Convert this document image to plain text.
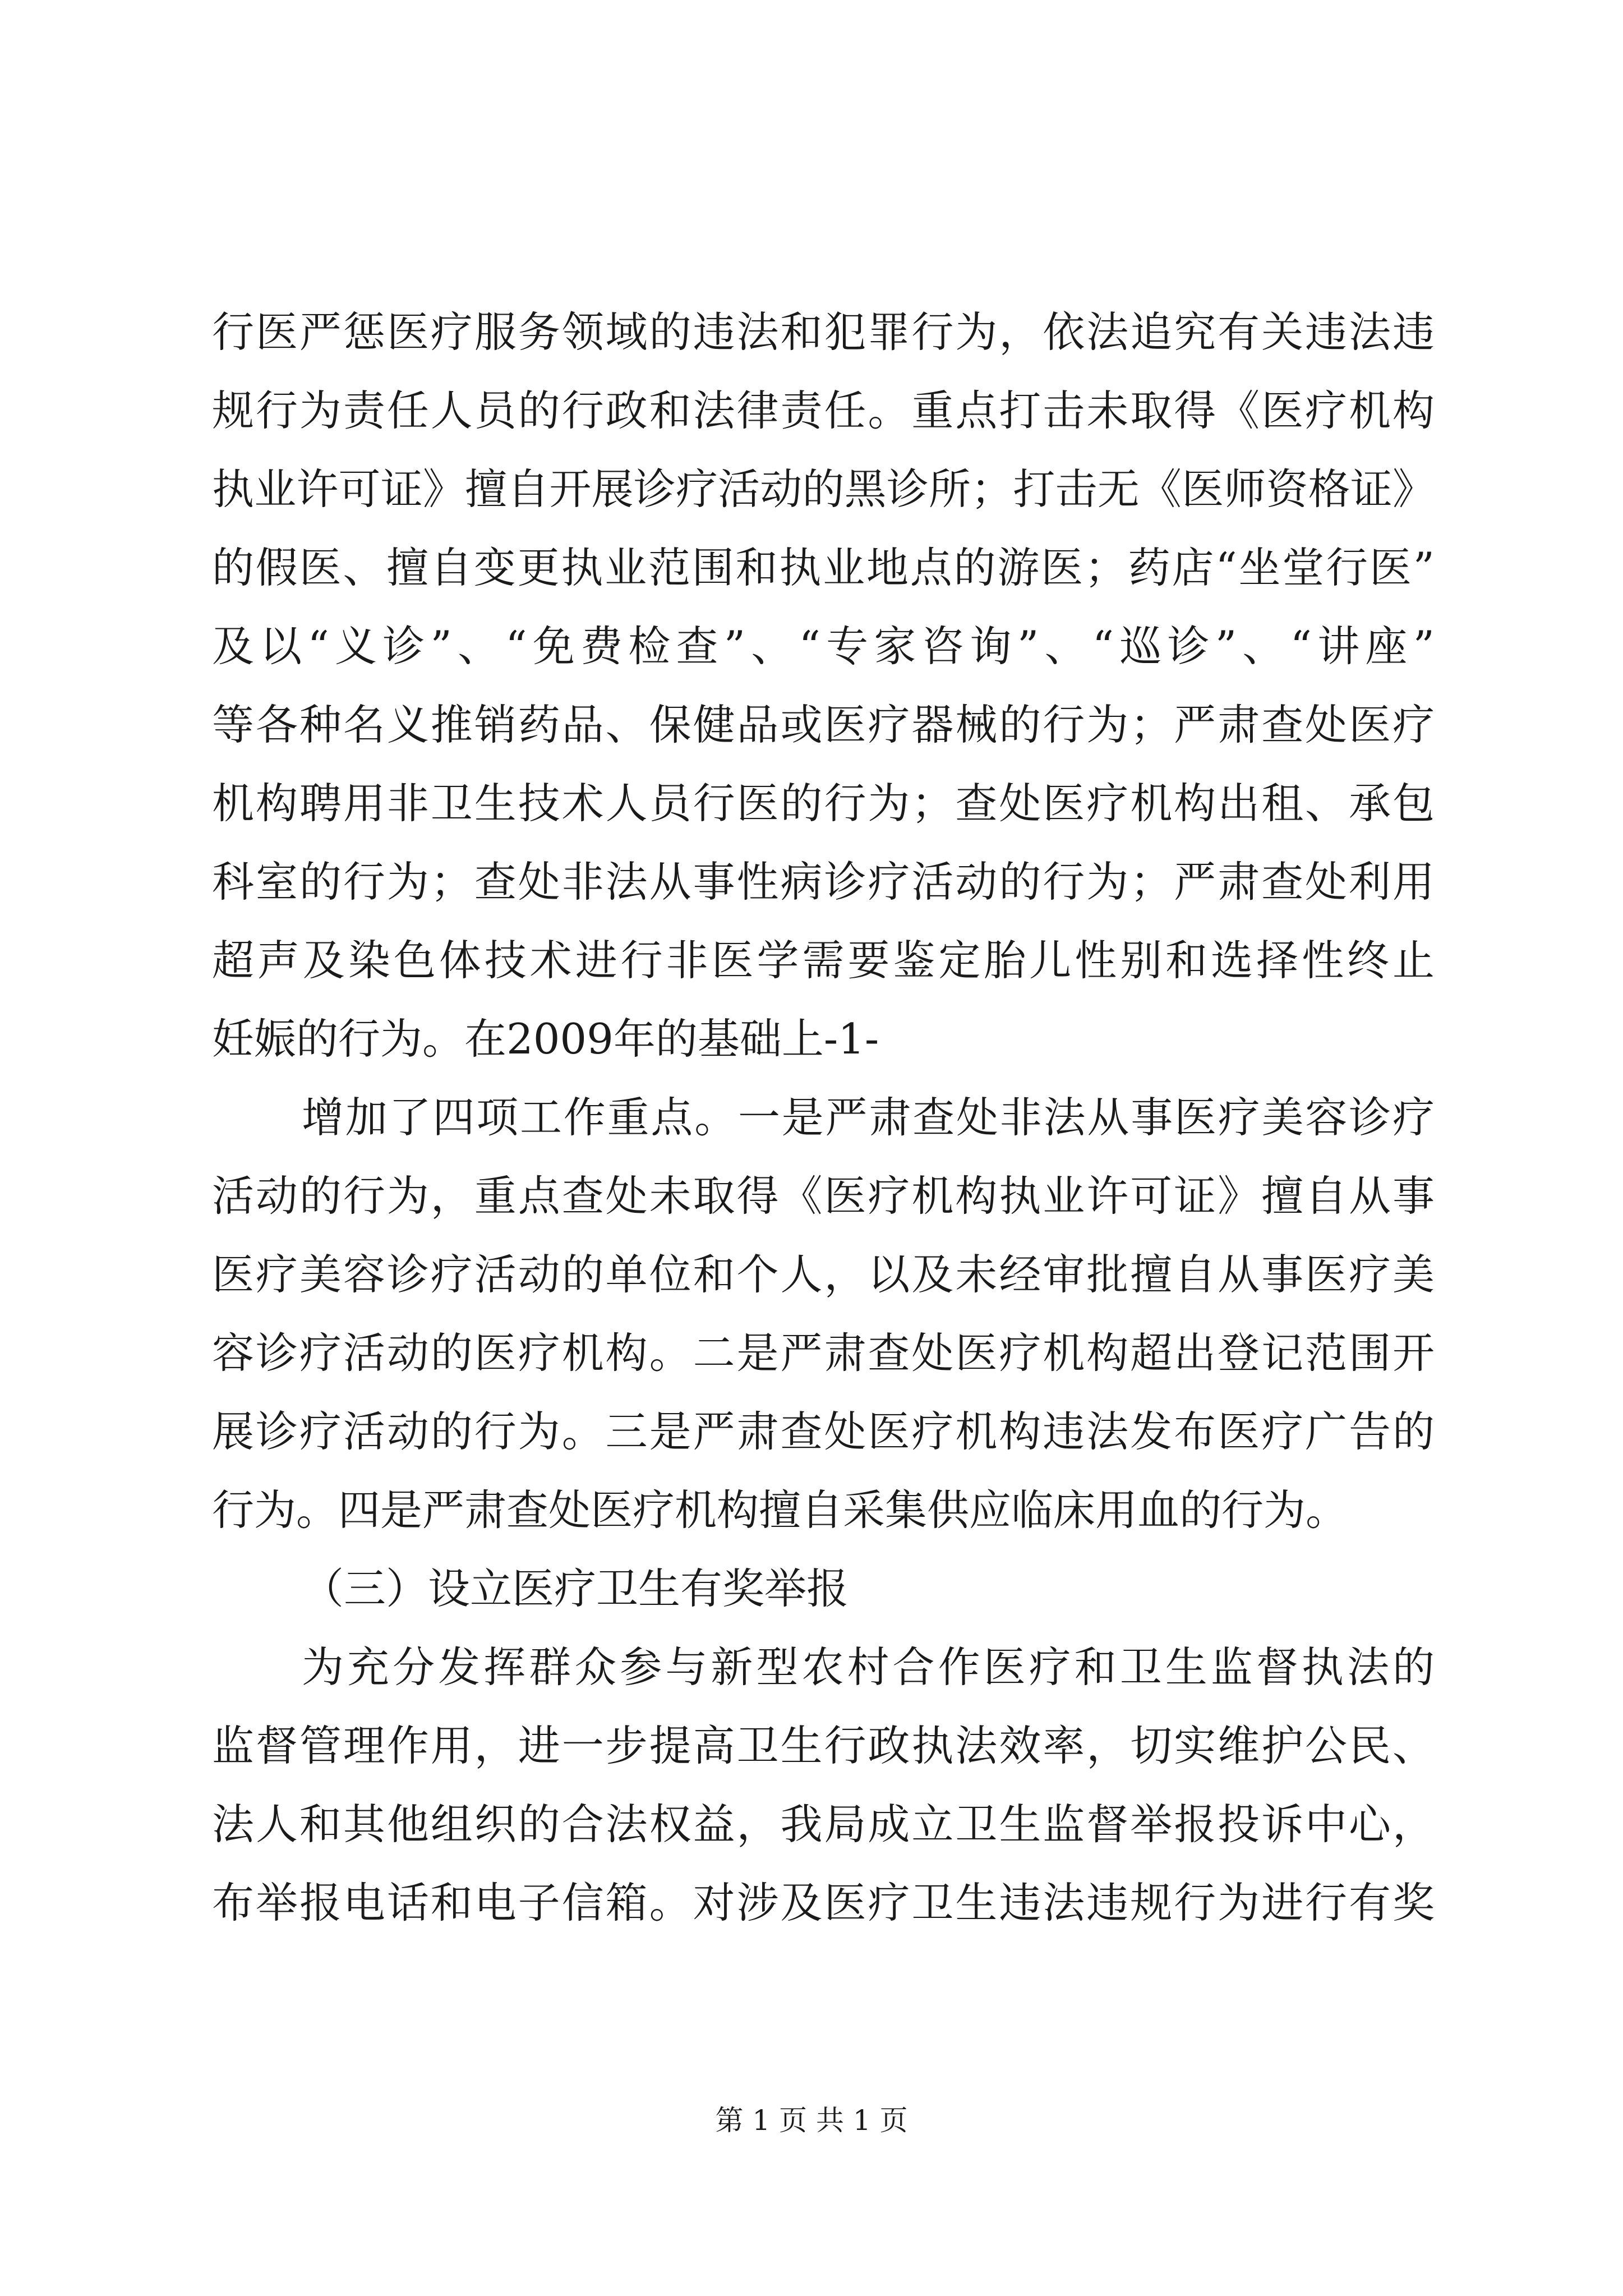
行医严惩医疗服务领域的违法和犯罪行为，依法追究有关违法违
规行为责任人员的行政和法律责任。重点打击未取得《医疗机构
执业许可证》擅自开展诊疗活动的黑诊所；打击无《医师资格证》
的假医、擅自变更执业范围和执业地点的游医；药店“坐堂行医”
及以“义诊”、“免费检查”、“专家咨询”、“巡诊”、“讲座”
等各种名义推销药品、保健品或医疗器械的行为；严肃查处医疗
机构聘用非卫生技术人员行医的行为；查处医疗机构出租、承包
科室的行为；查处非法从事性病诊疗活动的行为；严肃查处利用
超声及染色体技术进行非医学需要鉴定胎儿性别和选择性终止
妊娠的行为。在2009年的基础上-1-
增加了四项工作重点。一是严肃查处非法从事医疗美容诊疗
活动的行为，重点查处未取得《医疗机构执业许可证》擅自从事
医疗美容诊疗活动的单位和个人，以及未经审批擅自从事医疗美
容诊疗活动的医疗机构。二是严肃查处医疗机构超出登记范围开
展诊疗活动的行为。三是严肃查处医疗机构违法发布医疗广告的
行为。四是严肃查处医疗机构擅自采集供应临床用血的行为。
（三）设立医疗卫生有奖举报
为充分发挥群众参与新型农村合作医疗和卫生监督执法的
监督管理作用，进一步提高卫生行政执法效率，切实维护公民、
法人和其他组织的合法权益，我局成立卫生监督举报投诉中心，
布举报电话和电子信箱。对涉及医疗卫生违法违规行为进行有奖
第 1 页 共 1 页
